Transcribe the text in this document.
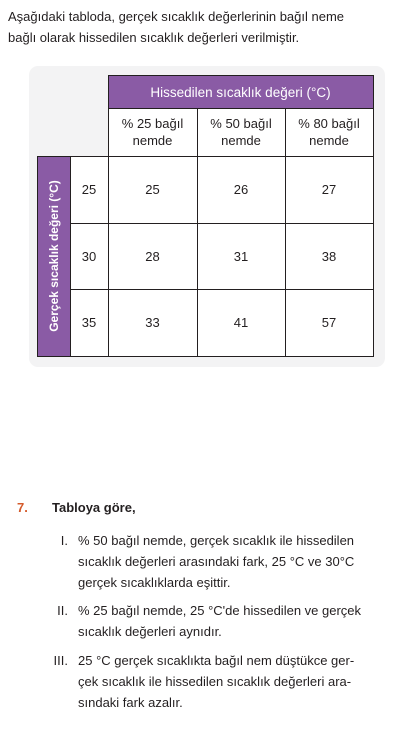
Aşağıdaki tabloda, gerçek sıcaklık değerlerinin bağıl neme
bağlı olarak hissedilen sıcaklık değerleri verilmiştir.
Hissedilen sıcaklık değeri (°C)
Gerçek sıcaklık değeri (°C)
% 25 bağıl
nemde
% 50 bağıl
nemde
% 80 bağıl
nemde
25	25	26	27
30	28	31	38
35	33	41	57
7. Tabloya göre,
I. % 50 bağıl nemde, gerçek sıcaklık ile hissedilen
sıcaklık değerleri arasındaki fark, 25 °C ve 30°C
gerçek sıcaklıklarda eşittir.
II. % 25 bağıl nemde, 25 °C'de hissedilen ve gerçek
sıcaklık değerleri aynıdır.
III. 25 °C gerçek sıcaklıkta bağıl nem düştükce ger-
çek sıcaklık ile hissedilen sıcaklık değerleri ara-
sındaki fark azalır.
